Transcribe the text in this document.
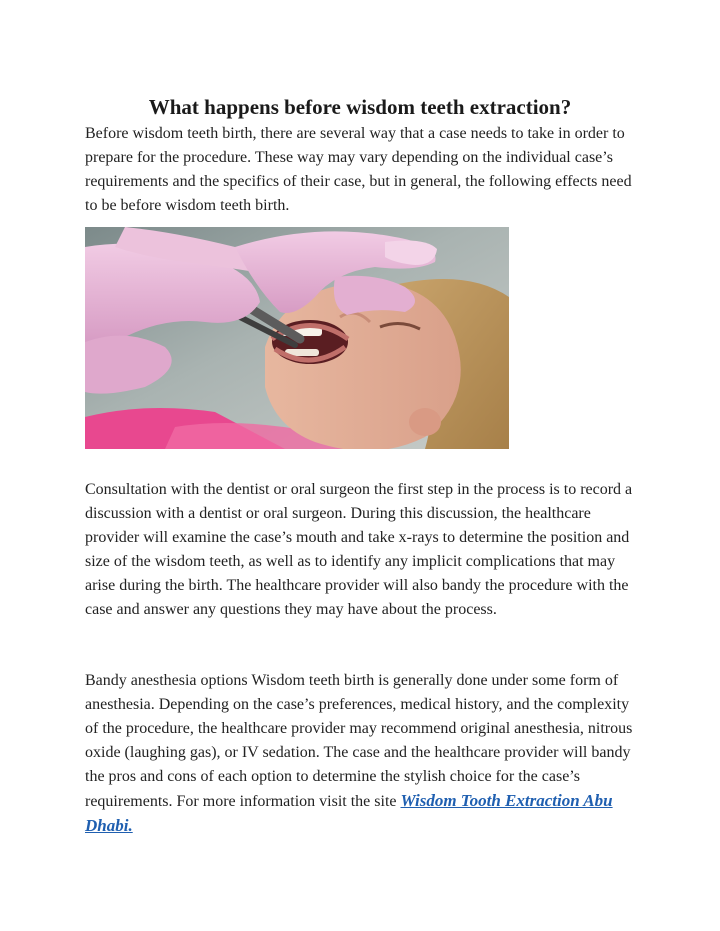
What happens before wisdom teeth extraction?

Before wisdom teeth birth, there are several way that a case needs to take in order to prepare for the procedure. These way may vary depending on the individual case’s requirements and the specifics of their case, but in general, the following effects need to be before wisdom teeth birth.

Consultation with the dentist or oral surgeon the first step in the process is to record a discussion with a dentist or oral surgeon. During this discussion, the healthcare provider will examine the case’s mouth and take x-rays to determine the position and size of the wisdom teeth, as well as to identify any implicit complications that may arise during the birth. The healthcare provider will also bandy the procedure with the case and answer any questions they may have about the process.

Bandy anesthesia options Wisdom teeth birth is generally done under some form of anesthesia. Depending on the case’s preferences, medical history, and the complexity of the procedure, the healthcare provider may recommend original anesthesia, nitrous oxide (laughing gas), or IV sedation. The case and the healthcare provider will bandy the pros and cons of each option to determine the stylish choice for the case’s requirements. For more information visit the site Wisdom Tooth Extraction Abu Dhabi.
